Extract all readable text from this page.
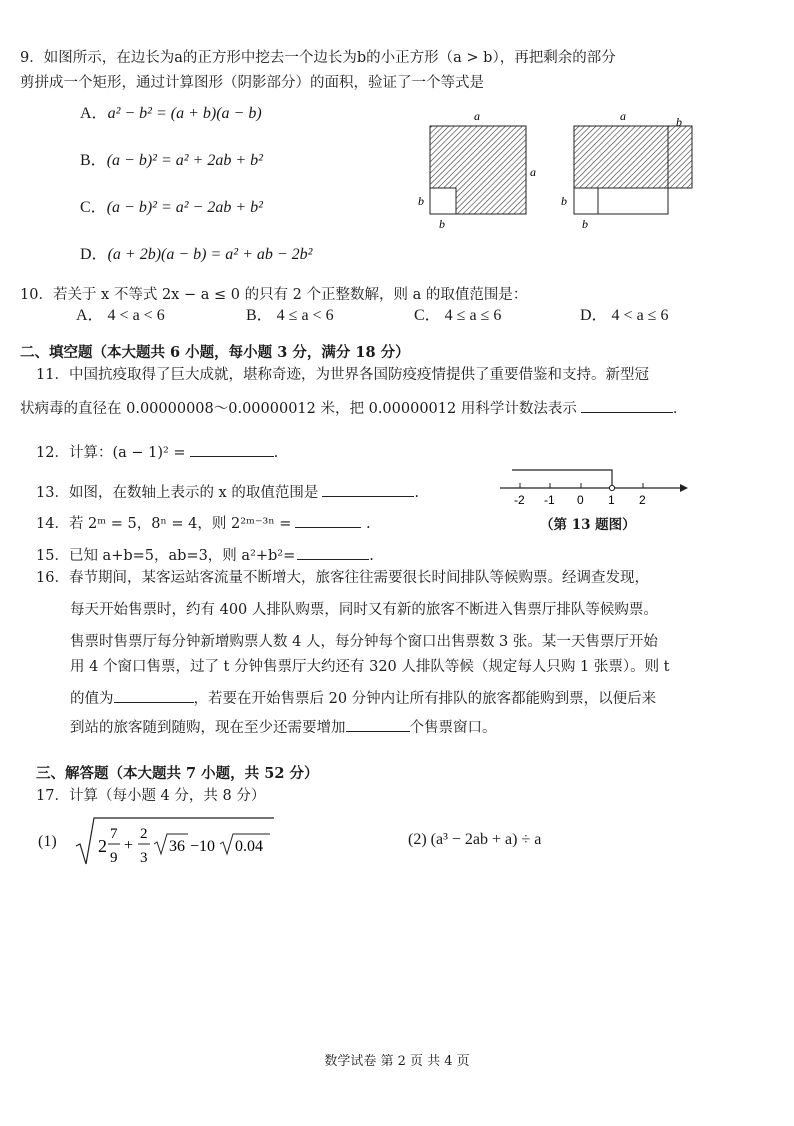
9．如图所示，在边长为a的正方形中挖去一个边长为b的小正方形（a > b），再把剩余的部分
剪拼成一个矩形，通过计算图形（阴影部分）的面积，验证了一个等式是
A．a² − b² = (a + b)(a − b)
B．(a − b)² = a² + 2ab + b²
C．(a − b)² = a² − 2ab + b²
D．(a + 2b)(a − b) = a² + ab − 2b²
a
a
b
b
a	b
b
b
10．若关于 x 不等式 2x − a ≤ 0 的只有 2 个正整数解，则 a 的取值范围是：
A． 4 < a < 6	B． 4 ≤ a < 6	C． 4 ≤ a ≤ 6	D． 4 < a ≤ 6
二、填空题（本大题共 6 小题，每小题 3 分，满分 18 分）
11．中国抗疫取得了巨大成就，堪称奇迹，为世界各国防疫疫情提供了重要借鉴和支持。新型冠
状病毒的直径在 0.00000008～0.00000012 米，把 0.00000012 用科学计数法表示	．
12．计算：(a − 1)² =	.
13．如图，在数轴上表示的 x 的取值范围是	.	-2 -1 0 1 2
（第 13 题图）
14．若 2ᵐ = 5，8ⁿ = 4，则 2²ᵐ⁻³ⁿ =	.
15．已知 a+b=5，ab=3，则 a²+b²=	.
16．春节期间，某客运站客流量不断增大，旅客往往需要很长时间排队等候购票。经调查发现，
每天开始售票时，约有 400 人排队购票，同时又有新的旅客不断进入售票厅排队等候购票。
售票时售票厅每分钟新增购票人数 4 人，每分钟每个窗口出售票数 3 张。某一天售票厅开始
用 4 个窗口售票，过了 t 分钟售票厅大约还有 320 人排队等候（规定每人只购 1 张票）。则 t
的值为	，若要在开始售票后 20 分钟内让所有排队的旅客都能购到票，以便后来
到站的旅客随到随购，现在至少还需要增加	个售票窗口。
三、解答题（本大题共 7 小题，共 52 分）
17．计算（每小题 4 分，共 8 分）
(1) 2
7
9
+
2
3
36 −10 0.04	(2) (a³ − 2ab + a) ÷ a
数学试卷 第 2 页 共 4 页
